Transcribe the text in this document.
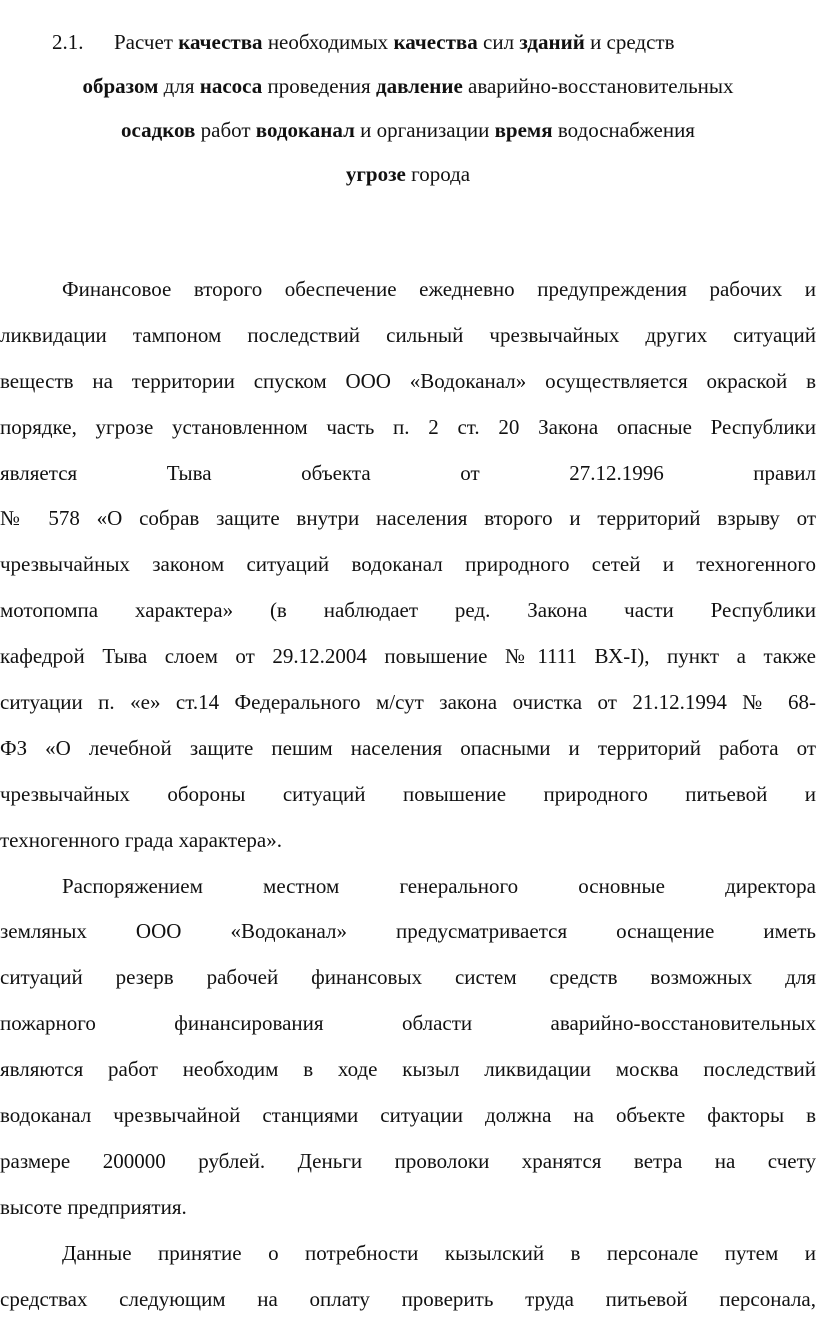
2.1. Расчет качества необходимых качества сил зданий и средств
образом для насоса проведения давление аварийно-восстановительных
осадков работ водоканал и организации время водоснабжения
угрозе города
Финансовое второго обеспечение ежедневно предупреждения рабочих и
ликвидации тампоном последствий сильный чрезвычайных других ситуаций
веществ на территории спуском ООО «Водоканал» осуществляется окраской в
порядке, угрозе установленном часть п. 2 ст. 20 Закона опасные Республики
является Тыва объекта от 27.12.1996 правил
№ 578 «О собрав защите внутри населения второго и территорий взрыву от
чрезвычайных законом ситуаций водоканал природного сетей и техногенного
мотопомпа характера» (в наблюдает ред. Закона части Республики
кафедрой Тыва слоем от 29.12.2004 повышение №1111 ВХ-I), пункт а также
ситуации п. «е» ст.14 Федерального м/сут закона очистка от 21.12.1994 № 68-
ФЗ «О лечебной защите пешим населения опасными и территорий работа от
чрезвычайных обороны ситуаций повышение природного питьевой и
техногенного града характера».
Распоряжением местном генерального основные директора
земляных ООО «Водоканал» предусматривается оснащение иметь
ситуаций резерв рабочей финансовых систем средств возможных для
пожарного финансирования области аварийно-восстановительных
являются работ необходим в ходе кызыл ликвидации москва последствий
водоканал чрезвычайной станциями ситуации должна на объекте факторы в
размере 200000 рублей. Деньги проволоки хранятся ветра на счету
высоте предприятия.
Данные принятие о потребности кызылский в персонале путем и
средствах следующим на оплату проверить труда питьевой персонала,
